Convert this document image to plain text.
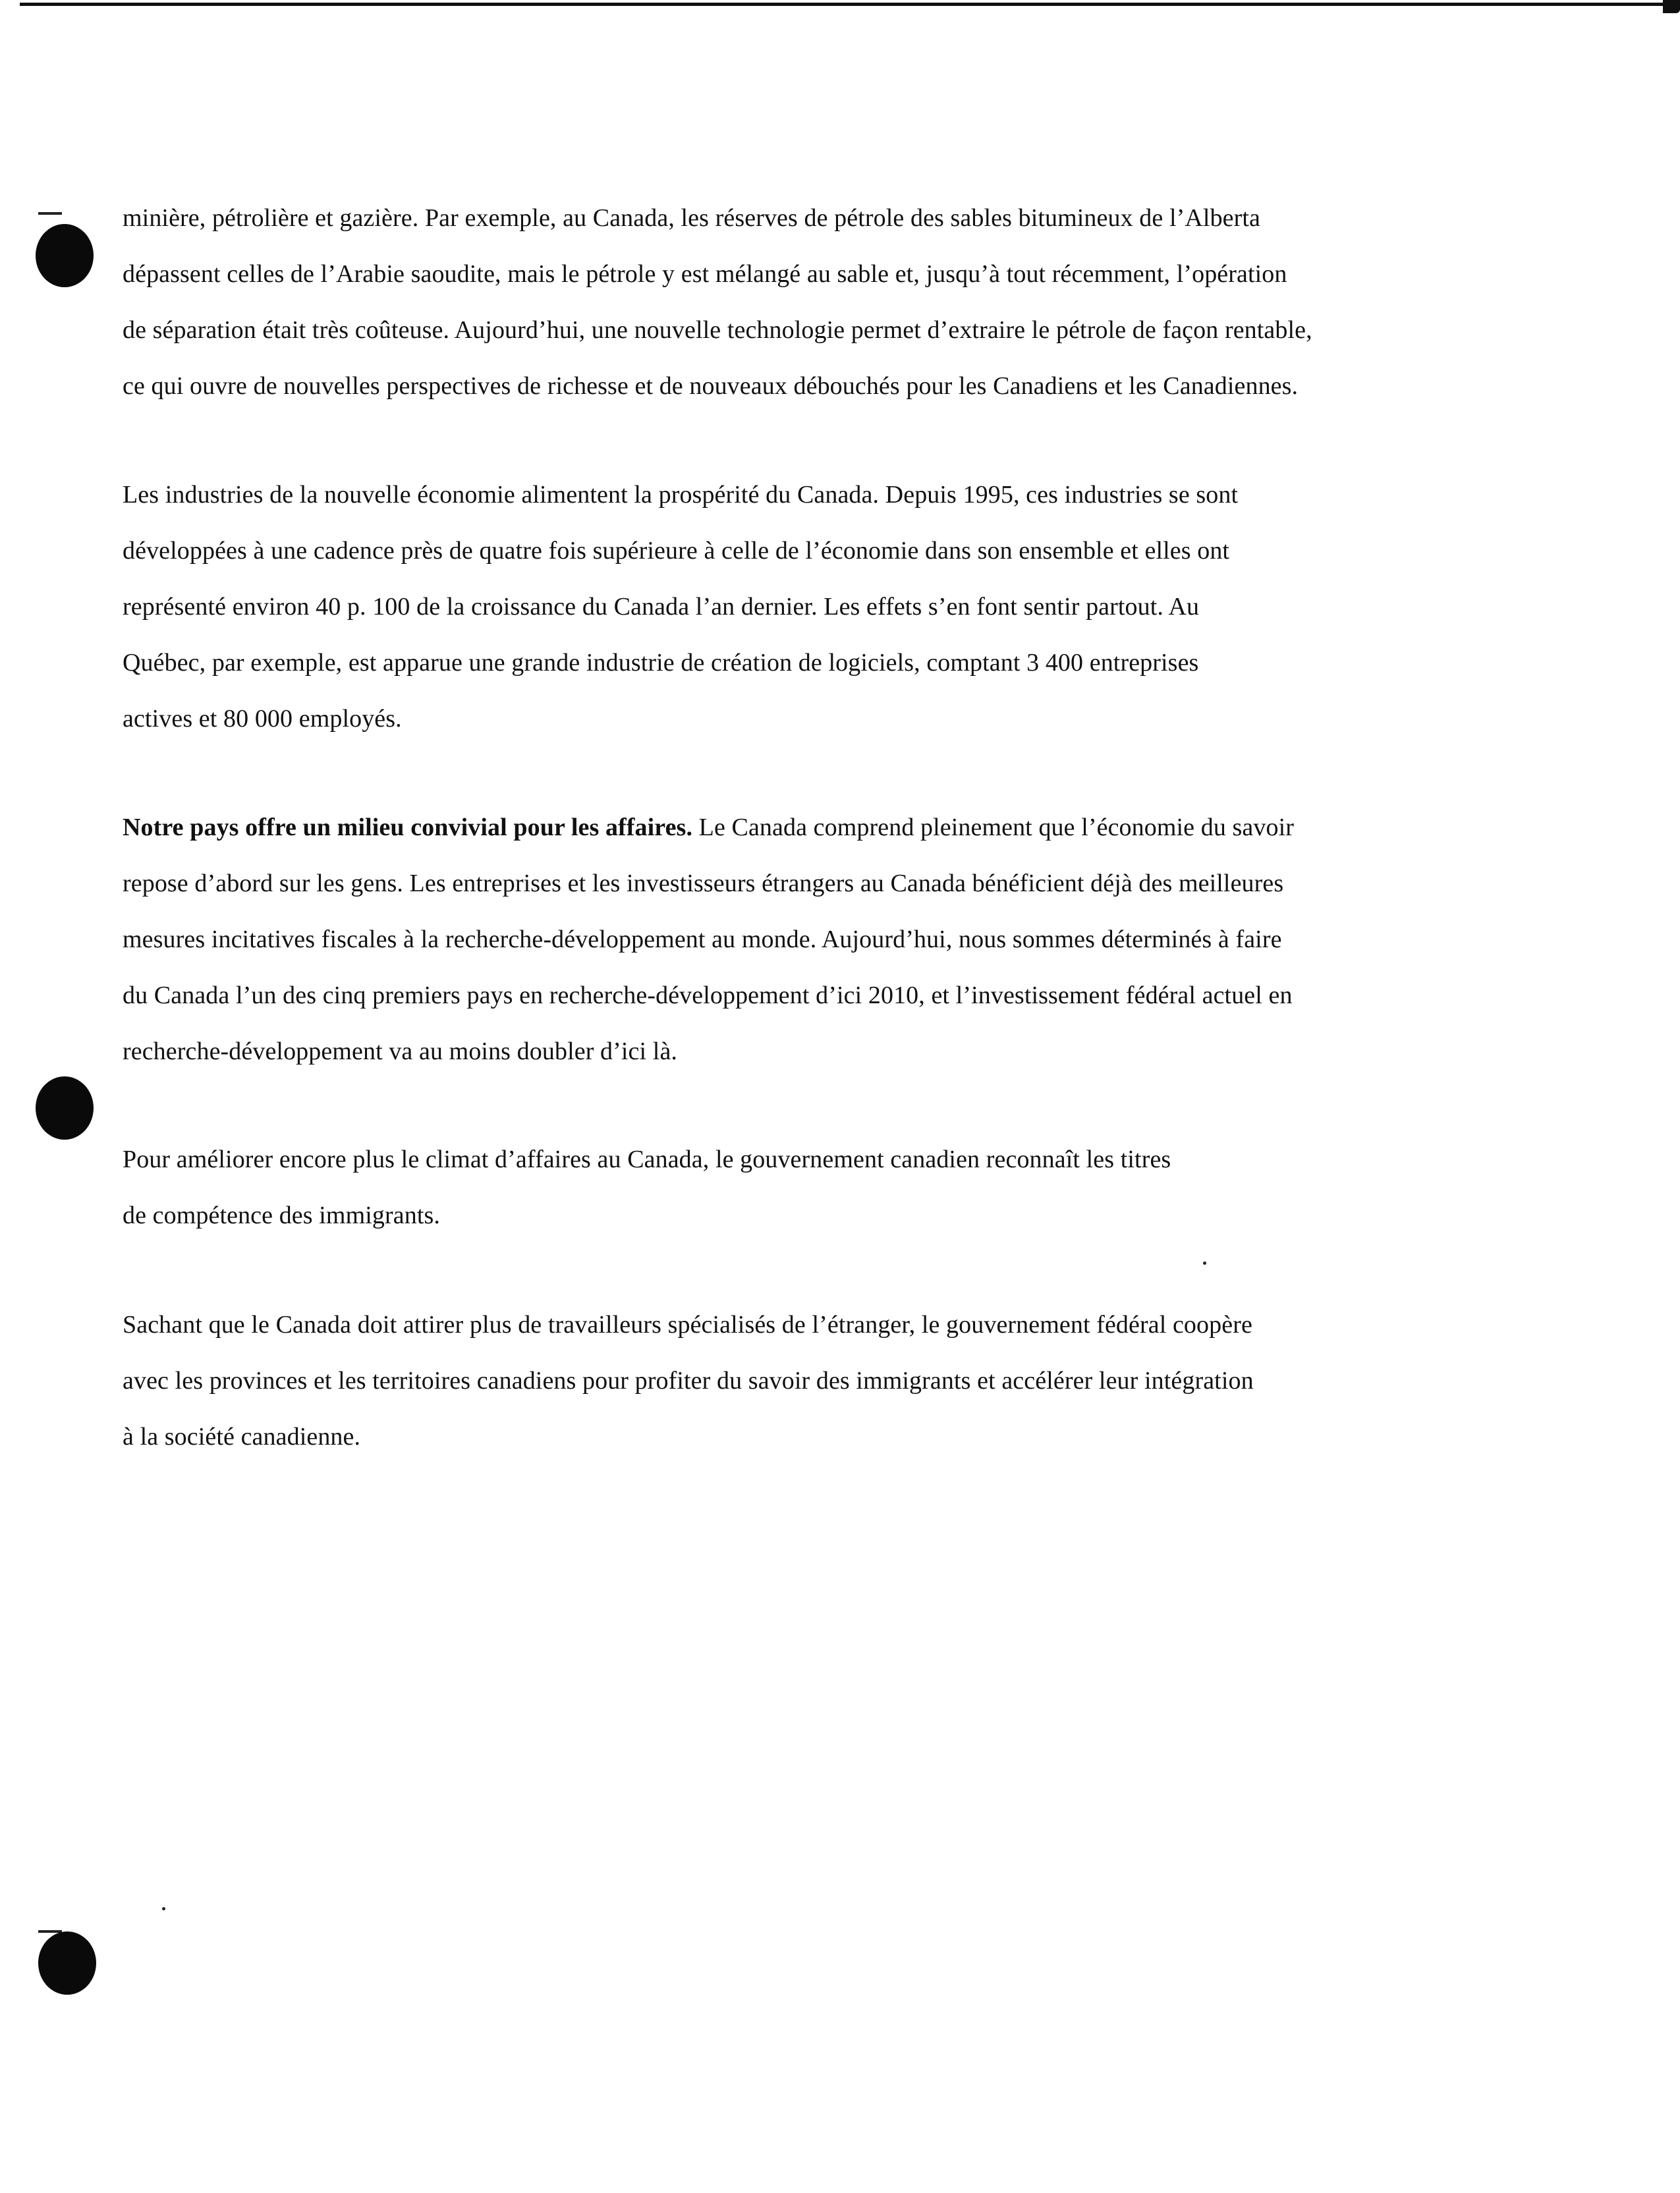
minière, pétrolière et gazière. Par exemple, au Canada, les réserves de pétrole des sables bitumineux de l’Alberta
dépassent celles de l’Arabie saoudite, mais le pétrole y est mélangé au sable et, jusqu’à tout récemment, l’opération
de séparation était très coûteuse. Aujourd’hui, une nouvelle technologie permet d’extraire le pétrole de façon rentable,
ce qui ouvre de nouvelles perspectives de richesse et de nouveaux débouchés pour les Canadiens et les Canadiennes.
Les industries de la nouvelle économie alimentent la prospérité du Canada. Depuis 1995, ces industries se sont
développées à une cadence près de quatre fois supérieure à celle de l’économie dans son ensemble et elles ont
représenté environ 40 p. 100 de la croissance du Canada l’an dernier. Les effets s’en font sentir partout. Au
Québec, par exemple, est apparue une grande industrie de création de logiciels, comptant 3 400 entreprises
actives et 80 000 employés.
Notre pays offre un milieu convivial pour les affaires. Le Canada comprend pleinement que l’économie du savoir
repose d’abord sur les gens. Les entreprises et les investisseurs étrangers au Canada bénéficient déjà des meilleures
mesures incitatives fiscales à la recherche-développement au monde. Aujourd’hui, nous sommes déterminés à faire
du Canada l’un des cinq premiers pays en recherche-développement d’ici 2010, et l’investissement fédéral actuel en
recherche-développement va au moins doubler d’ici là.
Pour améliorer encore plus le climat d’affaires au Canada, le gouvernement canadien reconnaît les titres
de compétence des immigrants.
Sachant que le Canada doit attirer plus de travailleurs spécialisés de l’étranger, le gouvernement fédéral coopère
avec les provinces et les territoires canadiens pour profiter du savoir des immigrants et accélérer leur intégration
à la société canadienne.
